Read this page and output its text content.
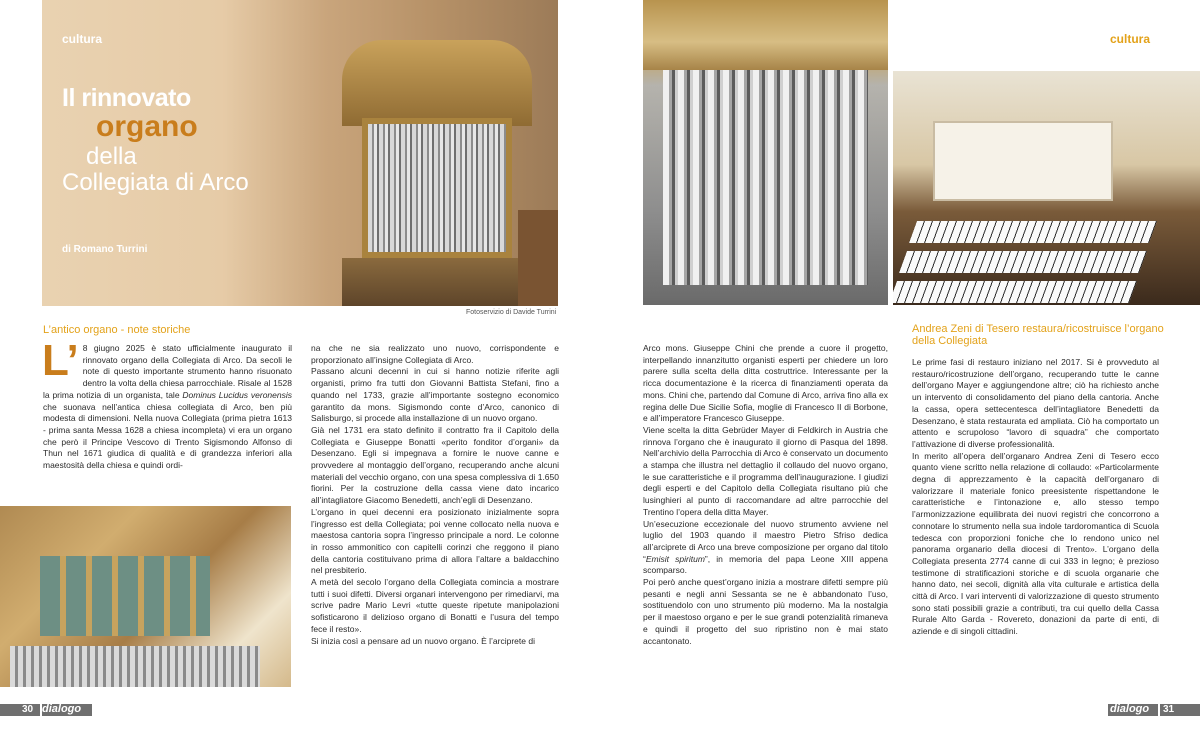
cultura	cultura
Il rinnovato
organo
della
Collegiata di Arco
di Romano Turrini
Fotoservizio di Davide Turrini
L’antico organo - note storiche	Andrea Zeni di Tesero restaura/ricostruisce l’organo della Collegiata

L’ 8 giugno 2025 è stato ufficialmente inaugurato il rinnovato organo della Collegiata di Arco. Da secoli le note di questo importante strumento hanno risuonato dentro la volta della chiesa parrocchiale. Risale al 1528 la prima notizia di un organista, tale Dominus Lucidus veronensis che suonava nell’antica chiesa collegiata di Arco, ben più modesta di dimensioni. Nella nuova Collegiata (prima pietra 1613 - prima santa Messa 1628 a chiesa incompleta) vi era un organo che però il Principe Vescovo di Trento Sigismondo Alfonso di Thun nel 1671 giudica di qualità e di grandezza inferiori alla maestosità della chiesa e quindi ordi-

na che ne sia realizzato uno nuovo, corrispondente e proporzionato all’insigne Collegiata di Arco.

Passano alcuni decenni in cui si hanno notizie riferite agli organisti, primo fra tutti don Giovanni Battista Stefani, fino a quando nel 1733, grazie all’importante sostegno economico garantito da mons. Sigismondo conte d’Arco, canonico di Salisburgo, si procede alla installazione di un nuovo organo.

Già nel 1731 era stato definito il contratto fra il Capitolo della Collegiata e Giuseppe Bonatti «perito fonditor d’organi» da Desenzano. Egli si impegnava a fornire le nuove canne e provvedere al montaggio dell’organo, recuperando anche alcuni materiali del vecchio organo, con una spesa complessiva di 1.650 fiorini. Per la costruzione della cassa viene dato incarico all’intagliatore Giacomo Benedetti, anch’egli di Desenzano.

L’organo in quei decenni era posizionato inizialmente sopra l’ingresso est della Collegiata; poi venne collocato nella nuova e maestosa cantoria sopra l’ingresso principale a nord. Le colonne in rosso ammonitico con capitelli corinzi che reggono il piano della cantoria costituivano prima di allora l’altare a baldacchino nel presbiterio.

A metà del secolo l’organo della Collegiata comincia a mostrare tutti i suoi difetti. Diversi organari intervengono per rimediarvi, ma scrive padre Mario Levri «tutte queste ripetute manipolazioni sofisticarono il delizioso organo di Bonatti e l’usura del tempo fece il resto».

Si inizia così a pensare ad un nuovo organo. È l’arciprete di

Arco mons. Giuseppe Chini che prende a cuore il progetto, interpellando innanzitutto organisti esperti per chiedere un loro parere sulla scelta della ditta costruttrice. Interessante per la ricca documentazione è la ricerca di finanziamenti operata da mons. Chini che, partendo dal Comune di Arco, arriva fino alla ex regina delle Due Sicilie Sofia, moglie di Francesco II di Borbone, e all’imperatore Francesco Giuseppe.

Viene scelta la ditta Gebrüder Mayer di Feldkirch in Austria che rinnova l’organo che è inaugurato il giorno di Pasqua del 1898. Nell’archivio della Parrocchia di Arco è conservato un documento a stampa che illustra nel dettaglio il collaudo del nuovo organo, le sue caratteristiche e il programma dell’inaugurazione. I giudizi degli esperti e del Capitolo della Collegiata risultano più che lusinghieri al punto di raccomandare ad altre parrocchie del Trentino l’opera della ditta Mayer.

Un’esecuzione eccezionale del nuovo strumento avviene nel luglio del 1903 quando il maestro Pietro Sfriso dedica all’arciprete di Arco una breve composizione per organo dal titolo “Emisit spiritum”, in memoria del papa Leone XIII appena scomparso.

Poi però anche quest’organo inizia a mostrare difetti sempre più pesanti e negli anni Sessanta se ne è abbandonato l’uso, sostituendolo con uno strumento più moderno. Ma la nostalgia per il maestoso organo e per le sue grandi potenzialità rimaneva e quindi il progetto del suo ripristino non è mai stato accantonato.

Le prime fasi di restauro iniziano nel 2017. Si è provveduto al restauro/ricostruzione dell’organo, recuperando tutte le canne dell’organo Mayer e aggiungendone altre; ciò ha richiesto anche un intervento di consolidamento del piano della cantoria. Anche la cassa, opera settecentesca dell’intagliatore Benedetti da Desenzano, è stata restaurata ed ampliata. Ciò ha comportato un attento e scrupoloso “lavoro di squadra” che comportato l’attivazione di diverse professionalità.

In merito all’opera dell’organaro Andrea Zeni di Tesero ecco quanto viene scritto nella relazione di collaudo: «Particolarmente degna di apprezzamento è la capacità dell’organaro di valorizzare il materiale fonico preesistente rispettandone le caratteristiche e l’intonazione e, allo stesso tempo l’armonizzazione equilibrata dei nuovi registri che concorrono a connotare lo strumento nella sua indole tardoromantica di Scuola tedesca con proporzioni foniche che lo rendono unico nel panorama organario della diocesi di Trento». L’organo della Collegiata presenta 2774 canne di cui 333 in legno; è prezioso testimone di stratificazioni storiche e di scuola organarie che hanno dato, nei secoli, dignità alla vita culturale e artistica della città di Arco. I vari interventi di valorizzazione di questo strumento sono stati possibili grazie a contributi, tra cui quello della Cassa Rurale Alto Garda - Rovereto, donazioni da parte di enti, di aziende e di singoli cittadini.

30 dialogo	dialogo 31
